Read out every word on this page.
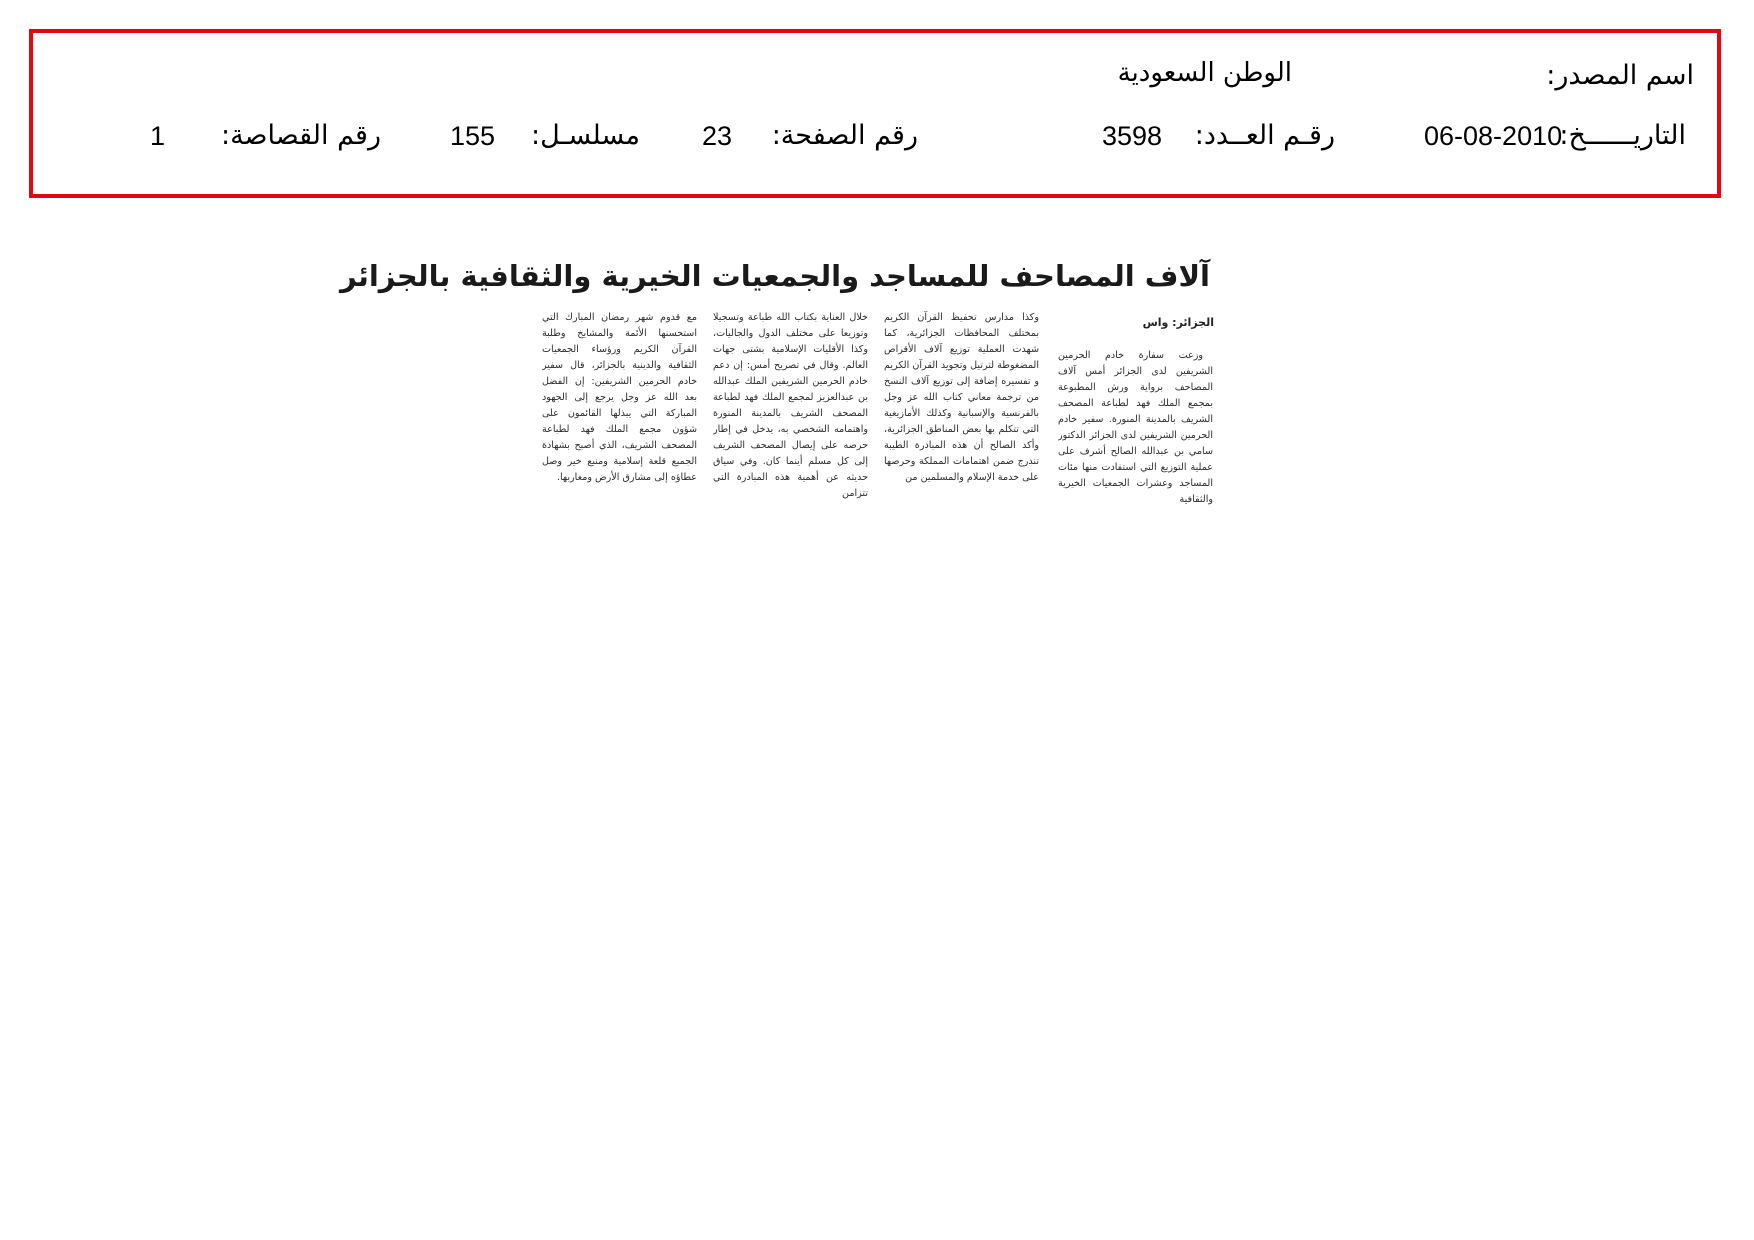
اسم المصدر:
الوطن السعودية
التاريــــــخ:
06-08-2010
رقـم العــدد:
3598
رقم الصفحة:
23
مسلسـل:
155
رقم القصاصة:
1
آلاف المصاحف للمساجد والجمعيات الخيرية والثقافية بالجزائر
الجزائر: واس

وزعت سفارة خادم الحرمين الشريفين لدى الجزائر أمس آلاف المصاحف برواية ورش المطبوعة بمجمع الملك فهد لطباعة المصحف الشريف بالمدينة المنورة. سفير خادم الحرمين الشريفين لدى الجزائر الدكتور سامي بن عبدالله الصالح أشرف على عملية التوزيع التي استفادت منها مئات المساجد وعشرات الجمعيات الخيرية والثقافية

وكذا مدارس تحفيظ القرآن الكريم بمختلف المحافظات الجزائرية، كما شهدت العملية توزيع آلاف الأقراص المضغوطة لترتيل وتجويد القرآن الكريم و تفسيره إضافة إلى توزيع آلاف النسخ من ترجمة معاني كتاب الله عز وجل بالفرنسية والإسبانية وكذلك الأمازيغية التي تتكلم بها بعض المناطق الجزائرية، وأكد الصالح أن هذه المبادرة الطيبة تندرج ضمن اهتمامات المملكة وحرصها على خدمة الإسلام والمسلمين من

خلال العناية بكتاب الله طباعة وتسجيلا وتوزيعا على مختلف الدول والجاليات، وكذا الأقليات الإسلامية بشتى جهات العالم. وقال في تصريح أمس: إن دعم خادم الحرمين الشريفين الملك عبدالله بن عبدالعزيز لمجمع الملك فهد لطباعة المصحف الشريف بالمدينة المنورة واهتمامه الشخصي به، يدخل في إطار حرصه على إيصال المصحف الشريف إلى كل مسلم أينما كان. وفي سياق حديثه عن أهمية هذه المبادرة التي تتزامن

مع قدوم شهر رمضان المبارك التي استحسنها الأئمة والمشايخ وطلبة القرآن الكريم ورؤساء الجمعيات الثقافية والدينية بالجزائر، قال سفير خادم الحرمين الشريفين: إن الفضل بعد الله عز وجل يرجع إلى الجهود المباركة التي يبذلها القائمون على شؤون مجمع الملك فهد لطباعة المصحف الشريف، الذي أصبح بشهادة الجميع قلعة إسلامية ومنبع خير وصل عطاؤه إلى مشارق الأرض ومغاربها.
